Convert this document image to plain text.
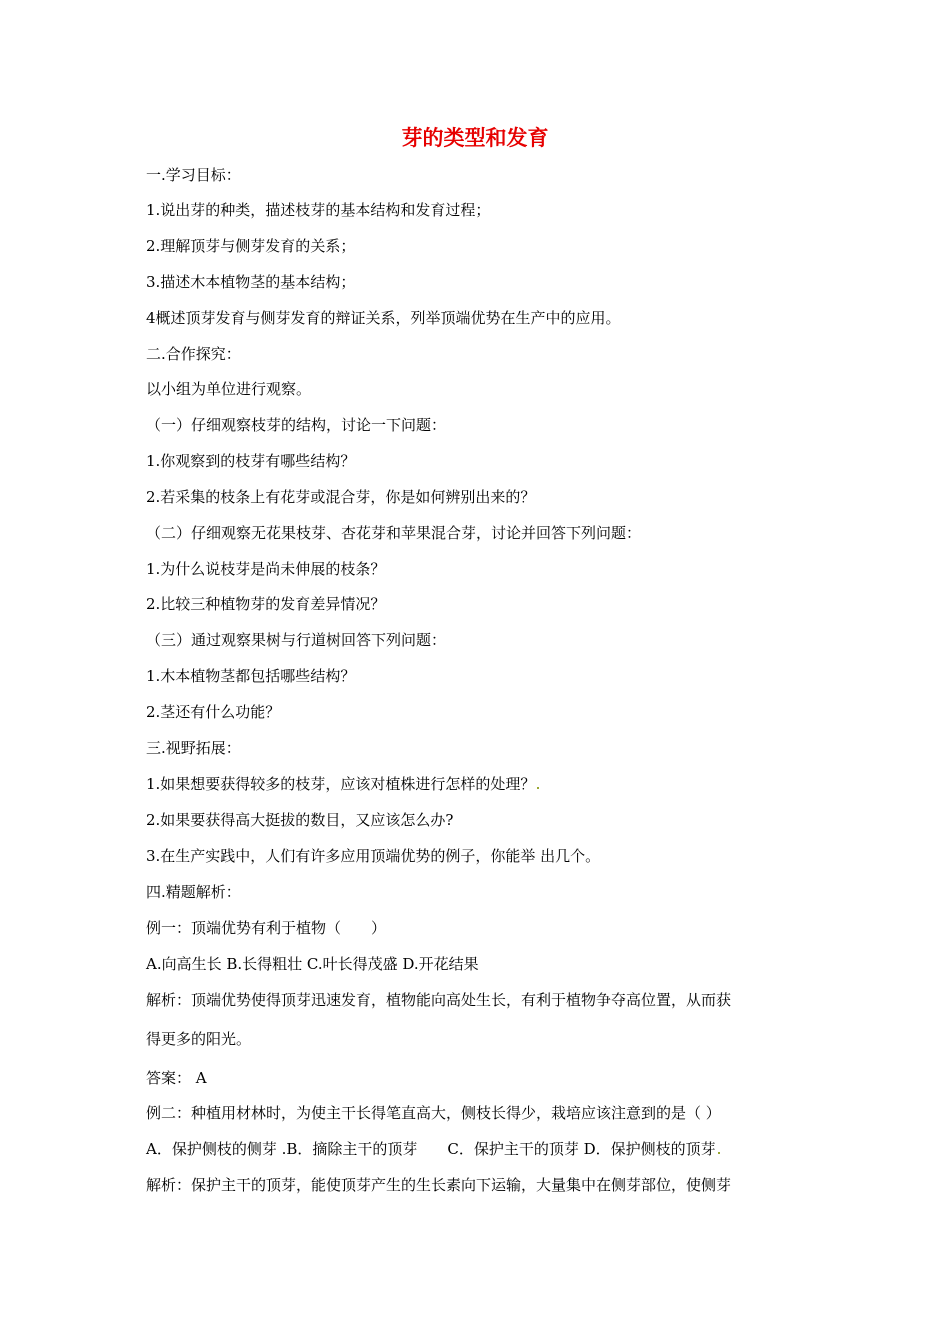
芽的类型和发育
一.学习目标：
1.说出芽的种类，描述枝芽的基本结构和发育过程；
2.理解顶芽与侧芽发育的关系；
3.描述木本植物茎的基本结构；
4概述顶芽发育与侧芽发育的辩证关系，列举顶端优势在生产中的应用。
二.合作探究：
以小组为单位进行观察。
（一）仔细观察枝芽的结构，讨论一下问题：
1.你观察到的枝芽有哪些结构？
2.若采集的枝条上有花芽或混合芽，你是如何辨别出来的？
（二）仔细观察无花果枝芽、杏花芽和苹果混合芽，讨论并回答下列问题：
1.为什么说枝芽是尚未伸展的枝条？
2.比较三种植物芽的发育差异情况？
（三）通过观察果树与行道树回答下列问题：
1.木本植物茎都包括哪些结构？
2.茎还有什么功能？
三.视野拓展：
1.如果想要获得较多的枝芽，应该对植株进行怎样的处理？
2.如果要获得高大挺拔的数目，又应该怎么办?
3.在生产实践中，人们有许多应用顶端优势的例子，你能举 出几个。
四.精题解析：
例一：顶端优势有利于植物（　　）
A.向高生长 B.长得粗壮 C.叶长得茂盛 D.开花结果
解析：顶端优势使得顶芽迅速发育，植物能向高处生长，有利于植物争夺高位置，从而获
得更多的阳光。
答案： A
例二：种植用材林时，为使主干长得笔直高大，侧枝长得少，栽培应该注意到的是（ ）
A．保护侧枝的侧芽 .B．摘除主干的顶芽　　C．保护主干的顶芽 D．保护侧枝的顶芽
解析：保护主干的顶芽，能使顶芽产生的生长素向下运输，大量集中在侧芽部位，使侧芽
